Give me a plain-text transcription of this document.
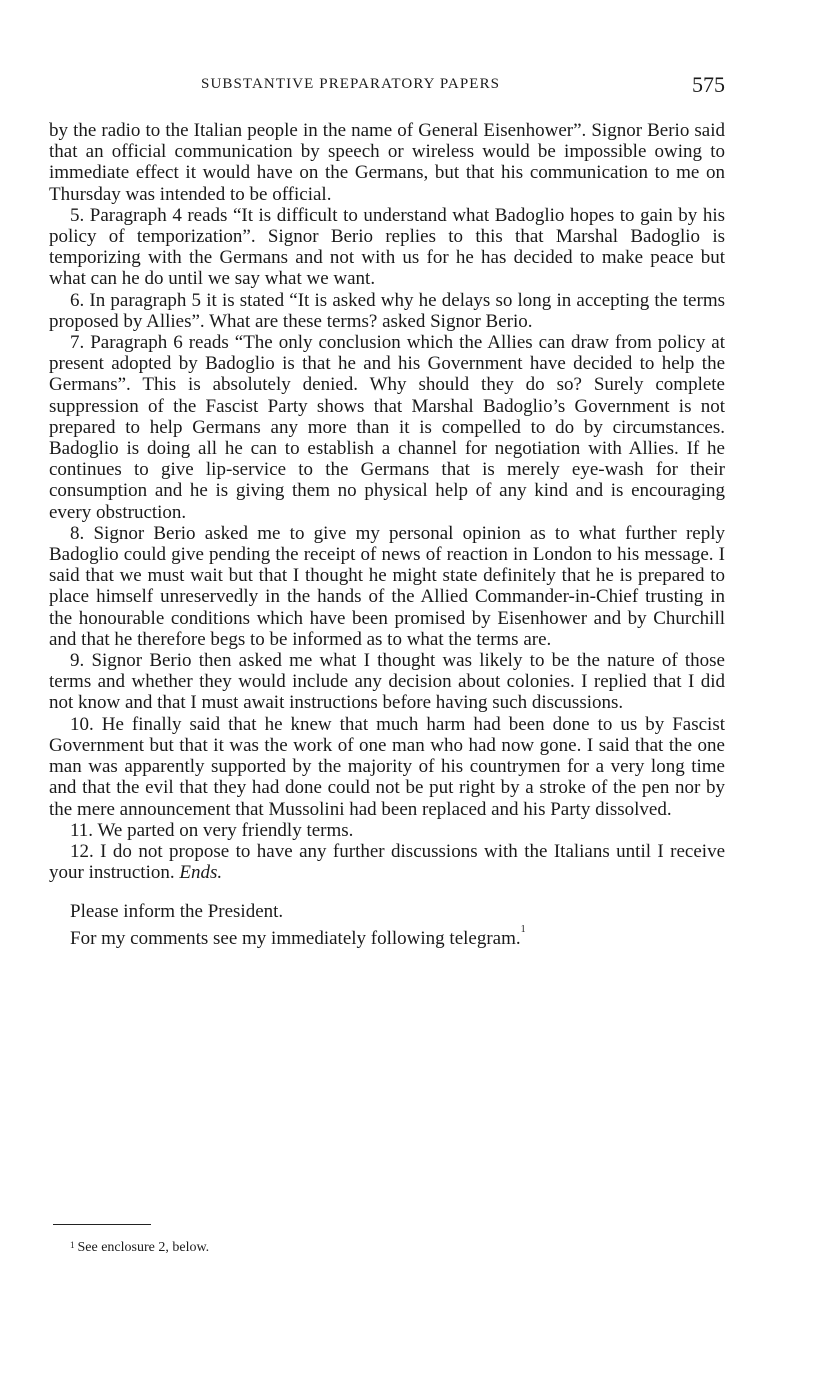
SUBSTANTIVE PREPARATORY PAPERS	575

by the radio to the Italian people in the name of General Eisenhower”. Signor Berio said that an official communication by speech or wireless would be impossible owing to immediate effect it would have on the Germans, but that his communication to me on Thursday was intended to be official.

5. Paragraph 4 reads “It is difficult to understand what Badoglio hopes to gain by his policy of temporization”. Signor Berio replies to this that Marshal Badoglio is temporizing with the Germans and not with us for he has decided to make peace but what can he do until we say what we want.

6. In paragraph 5 it is stated “It is asked why he delays so long in accepting the terms proposed by Allies”. What are these terms? asked Signor Berio.

7. Paragraph 6 reads “The only conclusion which the Allies can draw from policy at present adopted by Badoglio is that he and his Government have decided to help the Germans”. This is absolutely denied. Why should they do so? Surely complete suppression of the Fascist Party shows that Marshal Badoglio’s Government is not prepared to help Germans any more than it is compelled to do by circumstances. Badoglio is doing all he can to establish a channel for negotiation with Allies. If he continues to give lip-service to the Germans that is merely eye-wash for their consumption and he is giving them no physical help of any kind and is encouraging every obstruction.

8. Signor Berio asked me to give my personal opinion as to what further reply Badoglio could give pending the receipt of news of reaction in London to his message. I said that we must wait but that I thought he might state definitely that he is prepared to place himself unreservedly in the hands of the Allied Commander-in-Chief trusting in the honourable conditions which have been promised by Eisenhower and by Churchill and that he therefore begs to be informed as to what the terms are.

9. Signor Berio then asked me what I thought was likely to be the nature of those terms and whether they would include any decision about colonies. I replied that I did not know and that I must await instructions before having such discussions.

10. He finally said that he knew that much harm had been done to us by Fascist Government but that it was the work of one man who had now gone. I said that the one man was apparently supported by the majority of his countrymen for a very long time and that the evil that they had done could not be put right by a stroke of the pen nor by the mere announcement that Mussolini had been replaced and his Party dissolved.

11. We parted on very friendly terms.

12. I do not propose to have any further discussions with the Italians until I receive your instruction. Ends.

Please inform the President.

For my comments see my immediately following telegram.$^1$

$^1$ See enclosure 2, below.
